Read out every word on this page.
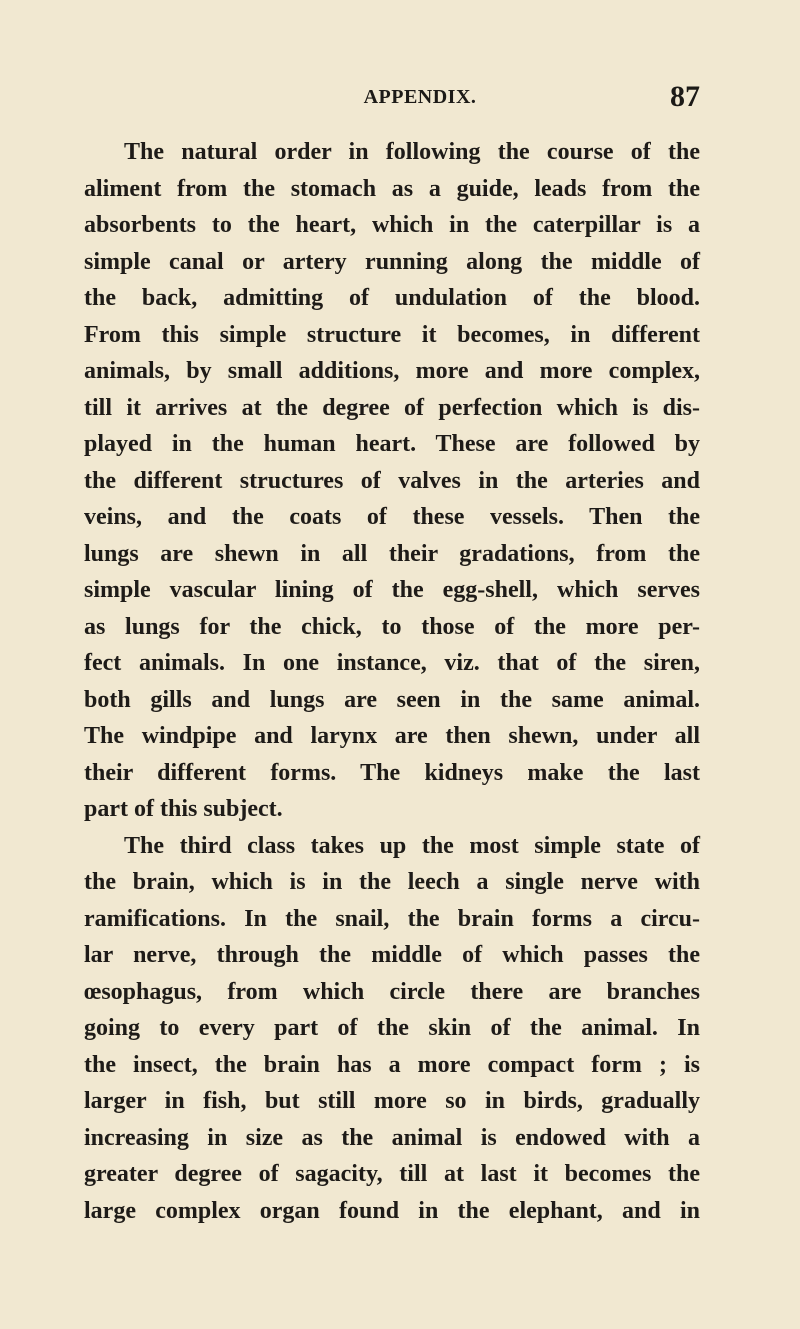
APPENDIX.	87
The natural order in following the course of the
aliment from the stomach as a guide, leads from the
absorbents to the heart, which in the caterpillar is a
simple canal or artery running along the middle of
the back, admitting of undulation of the blood.
From this simple structure it becomes, in different
animals, by small additions, more and more complex,
till it arrives at the degree of perfection which is dis-
played in the human heart. These are followed by
the different structures of valves in the arteries and
veins, and the coats of these vessels. Then the
lungs are shewn in all their gradations, from the
simple vascular lining of the egg-shell, which serves
as lungs for the chick, to those of the more per-
fect animals. In one instance, viz. that of the siren,
both gills and lungs are seen in the same animal.
The windpipe and larynx are then shewn, under all
their different forms. The kidneys make the last
part of this subject.
The third class takes up the most simple state of
the brain, which is in the leech a single nerve with
ramifications. In the snail, the brain forms a circu-
lar nerve, through the middle of which passes the
œsophagus, from which circle there are branches
going to every part of the skin of the animal. In
the insect, the brain has a more compact form ; is
larger in fish, but still more so in birds, gradually
increasing in size as the animal is endowed with a
greater degree of sagacity, till at last it becomes the
large complex organ found in the elephant, and in
